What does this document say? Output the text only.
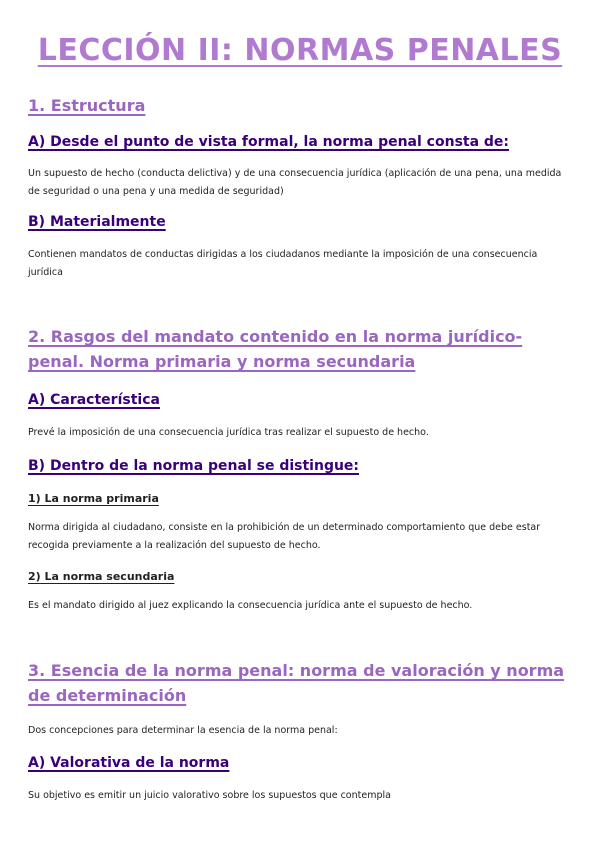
LECCIÓN II: NORMAS PENALES
1. Estructura
A) Desde el punto de vista formal, la norma penal consta de:

Un supuesto de hecho (conducta delictiva) y de una consecuencia jurídica (aplicación de una pena, una medida de seguridad o una pena y una medida de seguridad)

B) Materialmente

Contienen mandatos de conductas dirigidas a los ciudadanos mediante la imposición de una consecuencia jurídica

2. Rasgos del mandato contenido en la norma jurídico-penal. Norma primaria y norma secundaria
A) Característica

Prevé la imposición de una consecuencia jurídica tras realizar el supuesto de hecho.

B) Dentro de la norma penal se distingue:
1) La norma primaria

Norma dirigida al ciudadano, consiste en la prohibición de un determinado comportamiento que debe estar recogida previamente a la realización del supuesto de hecho.

2) La norma secundaria

Es el mandato dirigido al juez explicando la consecuencia jurídica ante el supuesto de hecho.

3. Esencia de la norma penal: norma de valoración y norma de determinación

Dos concepciones para determinar la esencia de la norma penal:

A) Valorativa de la norma

Su objetivo es emitir un juicio valorativo sobre los supuestos que contempla
